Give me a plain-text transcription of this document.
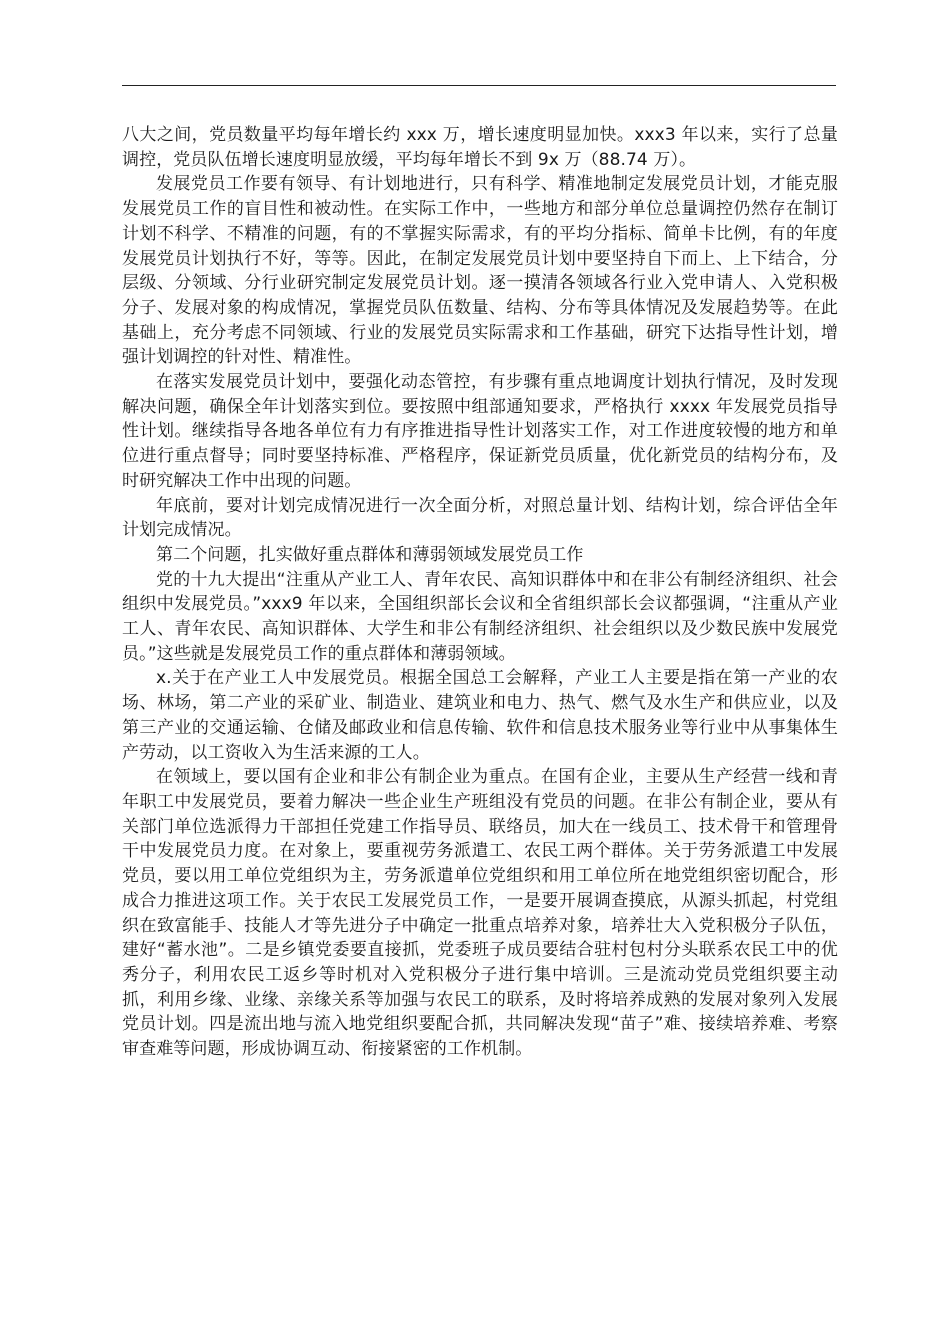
八大之间，党员数量平均每年增长约 xxx 万，增长速度明显加快。xxx3 年以来，实行了总量调控，党员队伍增长速度明显放缓，平均每年增长不到 9x 万（88.74 万）。

发展党员工作要有领导、有计划地进行，只有科学、精准地制定发展党员计划，才能克服发展党员工作的盲目性和被动性。在实际工作中，一些地方和部分单位总量调控仍然存在制订计划不科学、不精准的问题，有的不掌握实际需求，有的平均分指标、简单卡比例，有的年度发展党员计划执行不好，等等。因此，在制定发展党员计划中要坚持自下而上、上下结合，分层级、分领域、分行业研究制定发展党员计划。逐一摸清各领域各行业入党申请人、入党积极分子、发展对象的构成情况，掌握党员队伍数量、结构、分布等具体情况及发展趋势等。在此基础上，充分考虑不同领域、行业的发展党员实际需求和工作基础，研究下达指导性计划，增强计划调控的针对性、精准性。

在落实发展党员计划中，要强化动态管控，有步骤有重点地调度计划执行情况，及时发现解决问题，确保全年计划落实到位。要按照中组部通知要求，严格执行 xxxx 年发展党员指导性计划。继续指导各地各单位有力有序推进指导性计划落实工作，对工作进度较慢的地方和单位进行重点督导；同时要坚持标准、严格程序，保证新党员质量，优化新党员的结构分布，及时研究解决工作中出现的问题。

年底前，要对计划完成情况进行一次全面分析，对照总量计划、结构计划，综合评估全年计划完成情况。

第二个问题，扎实做好重点群体和薄弱领域发展党员工作

党的十九大提出“注重从产业工人、青年农民、高知识群体中和在非公有制经济组织、社会组织中发展党员。”xxx9 年以来，全国组织部长会议和全省组织部长会议都强调，“注重从产业工人、青年农民、高知识群体、大学生和非公有制经济组织、社会组织以及少数民族中发展党员。”这些就是发展党员工作的重点群体和薄弱领域。

x.关于在产业工人中发展党员。根据全国总工会解释，产业工人主要是指在第一产业的农场、林场，第二产业的采矿业、制造业、建筑业和电力、热气、燃气及水生产和供应业，以及第三产业的交通运输、仓储及邮政业和信息传输、软件和信息技术服务业等行业中从事集体生产劳动，以工资收入为生活来源的工人。

在领域上，要以国有企业和非公有制企业为重点。在国有企业，主要从生产经营一线和青年职工中发展党员，要着力解决一些企业生产班组没有党员的问题。在非公有制企业，要从有关部门单位选派得力干部担任党建工作指导员、联络员，加大在一线员工、技术骨干和管理骨干中发展党员力度。在对象上，要重视劳务派遣工、农民工两个群体。关于劳务派遣工中发展党员，要以用工单位党组织为主，劳务派遣单位党组织和用工单位所在地党组织密切配合，形成合力推进这项工作。关于农民工发展党员工作，一是要开展调查摸底，从源头抓起，村党组织在致富能手、技能人才等先进分子中确定一批重点培养对象，培养壮大入党积极分子队伍，建好“蓄水池”。二是乡镇党委要直接抓，党委班子成员要结合驻村包村分头联系农民工中的优秀分子，利用农民工返乡等时机对入党积极分子进行集中培训。三是流动党员党组织要主动抓，利用乡缘、业缘、亲缘关系等加强与农民工的联系，及时将培养成熟的发展对象列入发展党员计划。四是流出地与流入地党组织要配合抓，共同解决发现“苗子”难、接续培养难、考察审查难等问题，形成协调互动、衔接紧密的工作机制。
